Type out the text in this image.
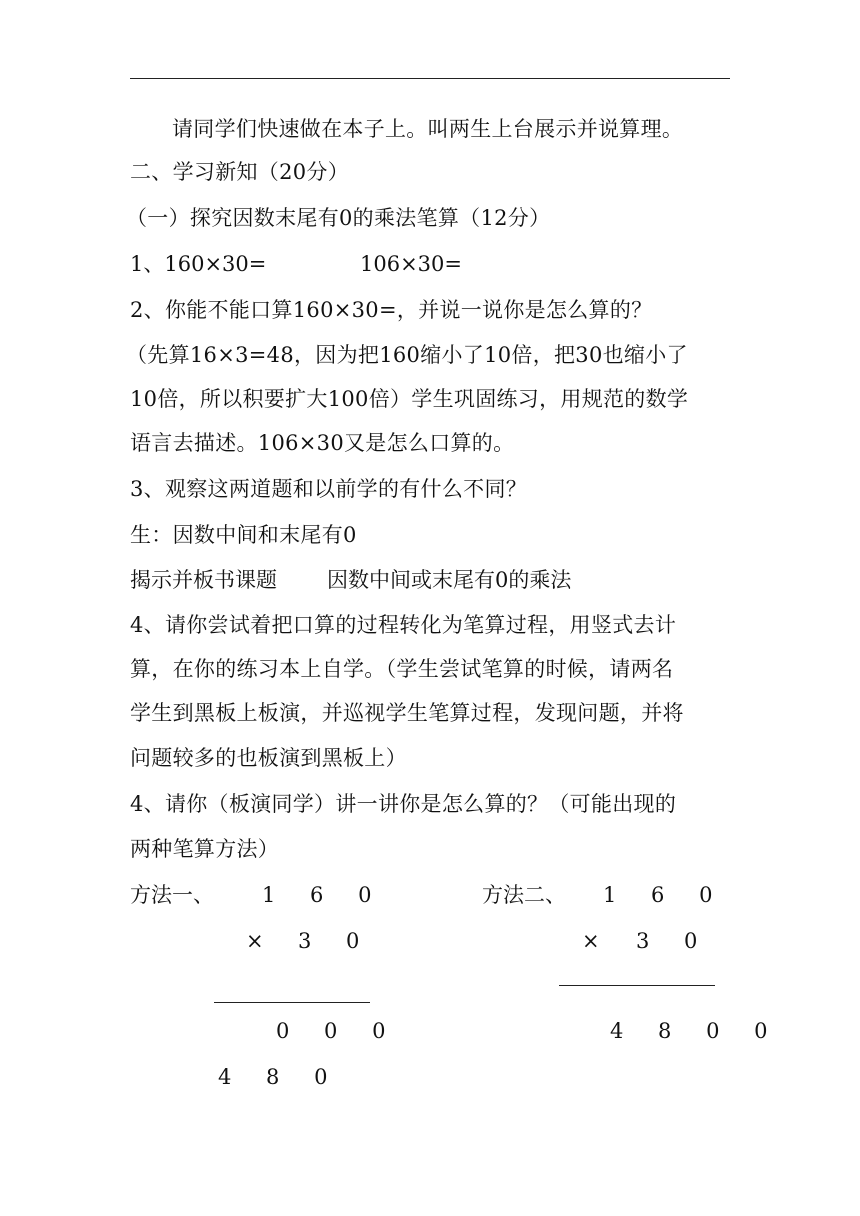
请同学们快速做在本子上。叫两生上台展示并说算理。
二、学习新知（20分）
（一）探究因数末尾有0的乘法笔算（12分）
1、160×30=	106×30=
2、你能不能口算160×30=，并说一说你是怎么算的？
（先算16×3=48，因为把160缩小了10倍，把30也缩小了
10倍，所以积要扩大100倍）学生巩固练习，用规范的数学
语言去描述。106×30又是怎么口算的。
3、观察这两道题和以前学的有什么不同？
生：因数中间和末尾有0
揭示并板书课题 因数中间或末尾有0的乘法
4、请你尝试着把口算的过程转化为笔算过程，用竖式去计
算，在你的练习本上自学。（学生尝试笔算的时候，请两名
学生到黑板上板演，并巡视学生笔算过程，发现问题，并将
问题较多的也板演到黑板上）
4、请你（板演同学）讲一讲你是怎么算的？（可能出现的
两种笔算方法）
方法一、 1 6 0
× 3 0
0 0 0
4 8 0
方法二、 1 6 0
× 3 0
4 8 0 0
